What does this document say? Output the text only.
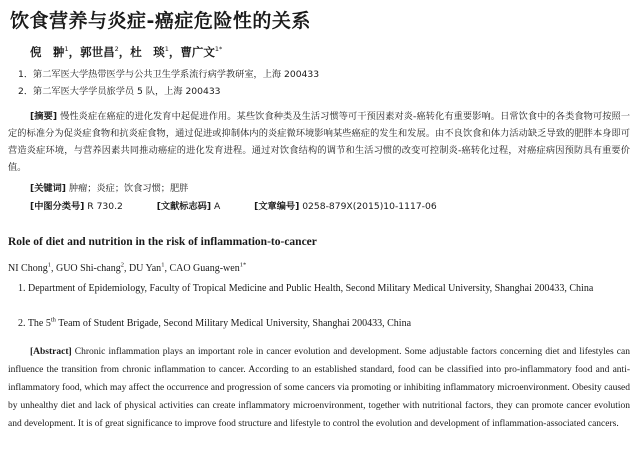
饮食营养与炎症-癌症危险性的关系
倪　翀$^1$，郭世昌$^2$，杜　琰$^1$，曹广文$^{1*}$
1．第二军医大学热带医学与公共卫生学系流行病学教研室，上海 200433
2．第二军医大学学员旅学员 5 队，上海 200433
[摘要] 慢性炎症在癌症的进化发育中起促进作用。某些饮食种类及生活习惯等可干预因素对炎-癌转化有重要影响。日常饮食中的各类食物可按照一定的标准分为促炎症食物和抗炎症食物，通过促进或抑制体内的炎症微环境影响某些癌症的发生和发展。由不良饮食和体力活动缺乏导致的肥胖本身即可营造炎症环境，与营养因素共同推动癌症的进化发育进程。通过对饮食结构的调节和生活习惯的改变可控制炎-癌转化过程，对癌症病因预防具有重要价值。
[关键词] 肿瘤；炎症；饮食习惯；肥胖
[中图分类号] R 730.2	[文献标志码] A	[文章编号] 0258-879X(2015)10-1117-06
Role of diet and nutrition in the risk of inflammation-to-cancer
NI Chong$^1$, GUO Shi-chang$^2$, DU Yan$^1$, CAO Guang-wen$^{1*}$
1. Department of Epidemiology, Faculty of Tropical Medicine and Public Health, Second Military Medical University, Shanghai 200433, China
2. The 5th Team of Student Brigade, Second Military Medical University, Shanghai 200433, China
[Abstract] Chronic inflammation plays an important role in cancer evolution and development. Some adjustable factors concerning diet and lifestyles can influence the transition from chronic inflammation to cancer. According to an established standard, food can be classified into pro-inflammatory food and anti-inflammatory food, which may affect the occurrence and progression of some cancers via promoting or inhibiting inflammatory microenvironment. Obesity caused by unhealthy diet and lack of physical activities can create inflammatory microenvironment, together with nutritional factors, they can promote cancer evolution and development. It is of great significance to improve food structure and lifestyle to control the evolution and development of inflammation-associated cancers.
